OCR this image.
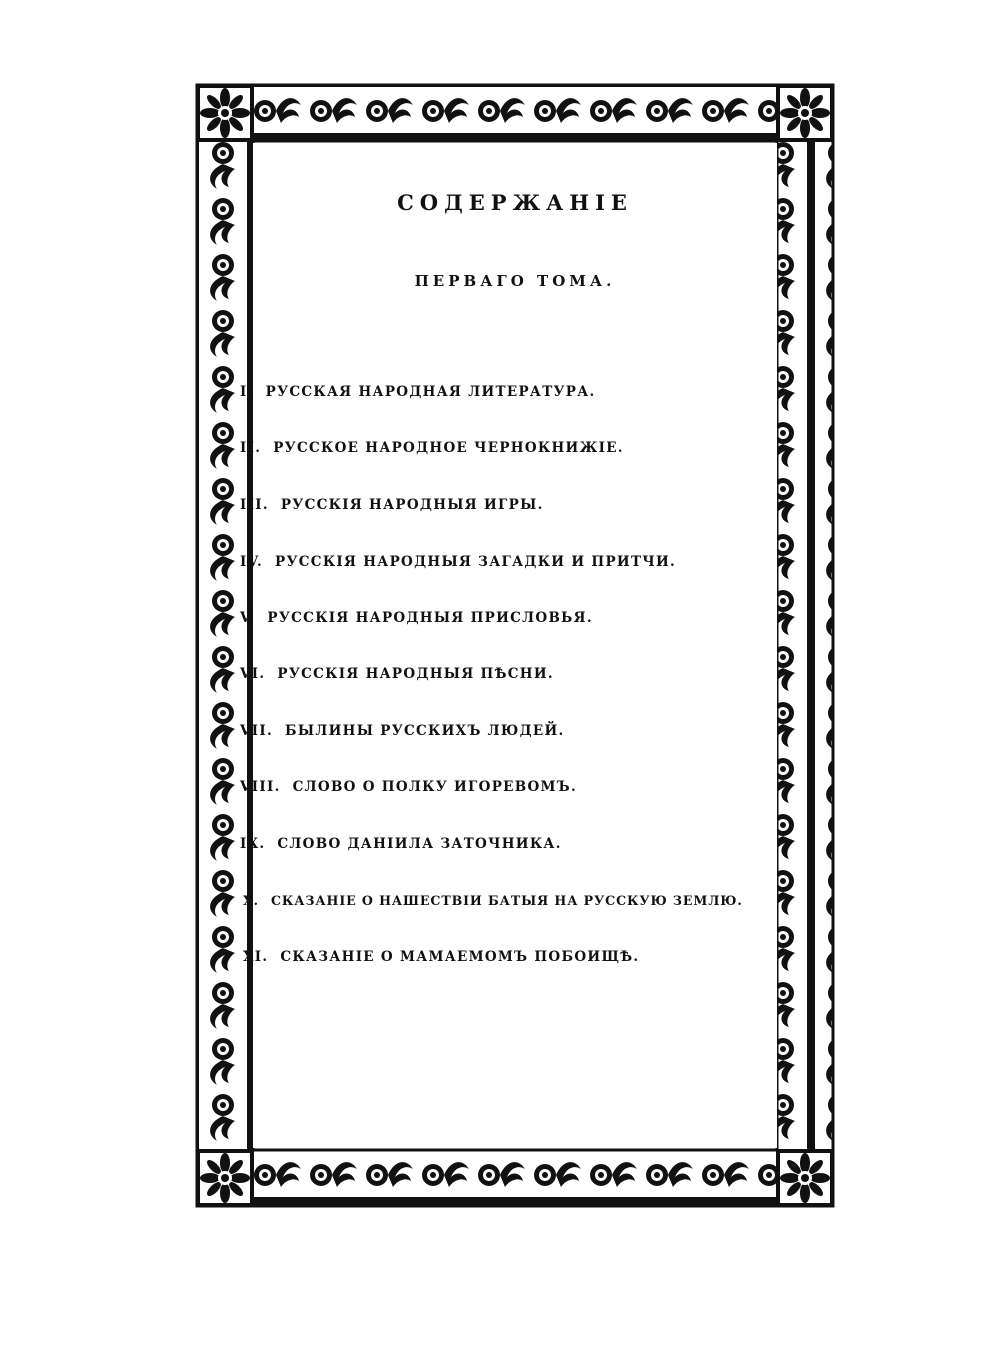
СОДЕРЖАНІЕ
ПЕРВАГО ТОМА.
I. РУССКАЯ НАРОДНАЯ ЛИТЕРАТУРА.
II. РУССКОЕ НАРОДНОЕ ЧЕРНОКНИЖІЕ.
III. РУССКІЯ НАРОДНЫЯ ИГРЫ.
IV. РУССКІЯ НАРОДНЫЯ ЗАГАДКИ И ПРИТЧИ.
V. РУССКІЯ НАРОДНЫЯ ПРИСЛОВЬЯ.
VI. РУССКІЯ НАРОДНЫЯ ПѢСНИ.
VII. БЫЛИНЫ РУССКИХЪ ЛЮДЕЙ.
VIII. СЛОВО О ПОЛКУ ИГОРЕВОМЪ.
IX. СЛОВО ДАНІИЛА ЗАТОЧНИКА.
X. СКАЗАНІЕ О НАШЕСТВІИ БАТЫЯ НА РУССКУЮ ЗЕМЛЮ.
XI. СКАЗАНІЕ О МАМАЕМОМЪ ПОБОИЩѢ.
